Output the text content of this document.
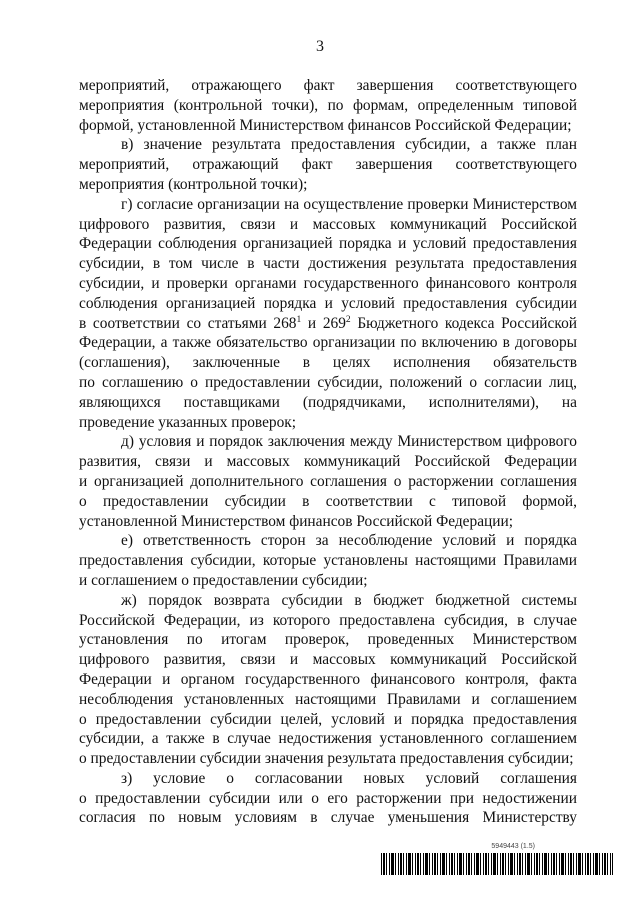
3

мероприятий, отражающего факт завершения соответствующего

мероприятия (контрольной точки), по формам, определенным типовой

формой, установленной Министерством финансов Российской Федерации;

в) значение результата предоставления субсидии, а также план

мероприятий, отражающий факт завершения соответствующего

мероприятия (контрольной точки);

г) согласие организации на осуществление проверки Министерством

цифрового развития, связи и массовых коммуникаций Российской

Федерации соблюдения организацией порядка и условий предоставления

субсидии, в том числе в части достижения результата предоставления

субсидии, и проверки органами государственного финансового контроля

соблюдения организацией порядка и условий предоставления субсидии

в соответствии со статьями $268^1$ и $269^2$ Бюджетного кодекса Российской

Федерации, а также обязательство организации по включению в договоры

(соглашения), заключенные в целях исполнения обязательств

по соглашению о предоставлении субсидии, положений о согласии лиц,

являющихся поставщиками (подрядчиками, исполнителями), на

проведение указанных проверок;

д) условия и порядок заключения между Министерством цифрового

развития, связи и массовых коммуникаций Российской Федерации

и организацией дополнительного соглашения о расторжении соглашения

о предоставлении субсидии в соответствии с типовой формой,

установленной Министерством финансов Российской Федерации;

е) ответственность сторон за несоблюдение условий и порядка

предоставления субсидии, которые установлены настоящими Правилами

и соглашением о предоставлении субсидии;

ж) порядок возврата субсидии в бюджет бюджетной системы

Российской Федерации, из которого предоставлена субсидия, в случае

установления по итогам проверок, проведенных Министерством

цифрового развития, связи и массовых коммуникаций Российской

Федерации и органом государственного финансового контроля, факта

несоблюдения установленных настоящими Правилами и соглашением

о предоставлении субсидии целей, условий и порядка предоставления

субсидии, а также в случае недостижения установленного соглашением

о предоставлении субсидии значения результата предоставления субсидии;

з) условие о согласовании новых условий соглашения

о предоставлении субсидии или о его расторжении при недостижении

согласия по новым условиям в случае уменьшения Министерству

5949443 (1.5)
